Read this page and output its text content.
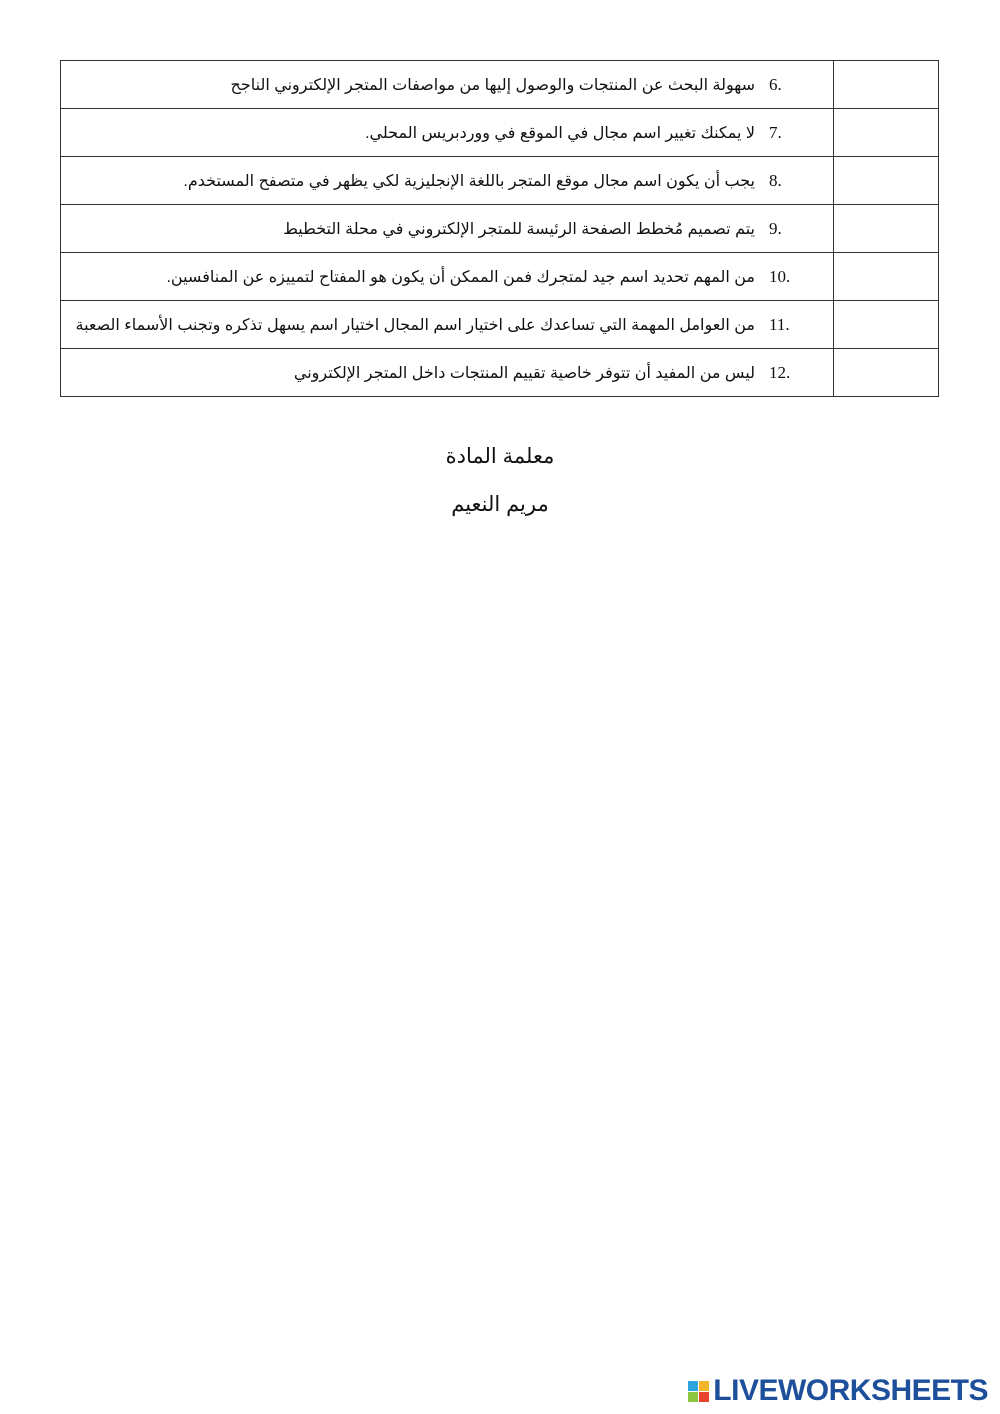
6.سهولة البحث عن المنتجات والوصول إليها من مواصفات المتجر الإلكتروني الناجح	
7.لا يمكنك تغيير اسم مجال في الموقع في ووردبريس المحلي.	
8.يجب أن يكون اسم مجال موقع المتجر باللغة الإنجليزية لكي يظهر في متصفح المستخدم.	
9.يتم تصميم مُخطط الصفحة الرئيسة للمتجر الإلكتروني في محلة التخطيط	
10.من المهم تحديد اسم جيد لمتجرك فمن الممكن أن يكون هو المفتاح لتمييزه عن المنافسين.	
11.من العوامل المهمة التي تساعدك على اختيار اسم المجال اختيار اسم يسهل تذكره وتجنب الأسماء الصعبة	
12.ليس من المفيد أن تتوفر خاصية تقييم المنتجات داخل المتجر الإلكتروني	
معلمة المادة
مريم النعيم
LIVEWORKSHEETS
